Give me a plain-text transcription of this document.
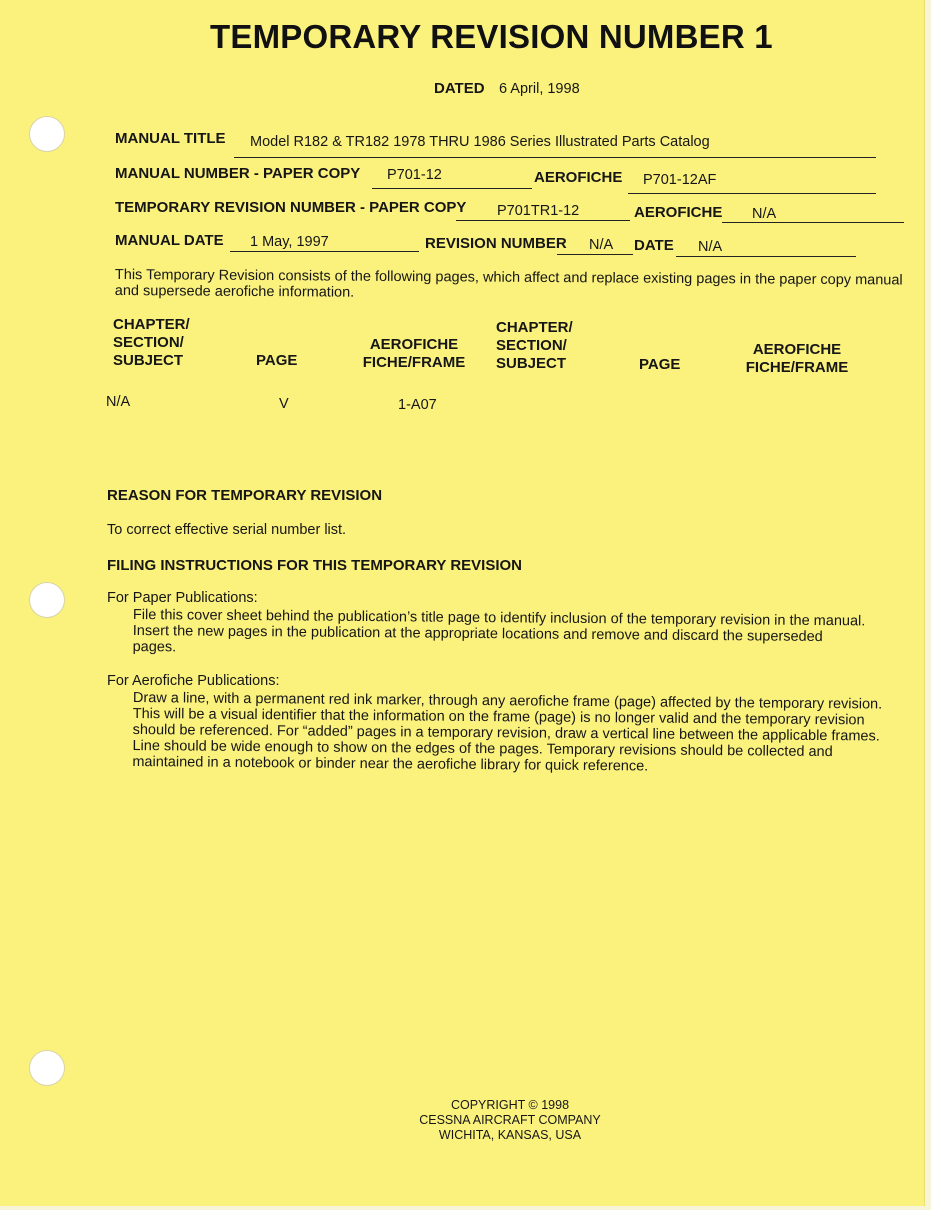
TEMPORARY REVISION NUMBER 1
DATED 6 April, 1998
MANUAL TITLE Model R182 & TR182 1978 THRU 1986 Series Illustrated Parts Catalog
MANUAL NUMBER - PAPER COPY P701-12	AEROFICHE P701-12AF
TEMPORARY REVISION NUMBER - PAPER COPY P701TR1-12	AEROFICHE N/A
MANUAL DATE 1 May, 1997	REVISION NUMBER N/A DATE N/A
This Temporary Revision consists of the following pages, which affect and replace existing pages in the paper copy manual and supersede aerofiche information.
CHAPTER/
SECTION/
SUBJECT	PAGE
AEROFICHE
FICHE/FRAME
CHAPTER/
SECTION/
SUBJECT	PAGE
AEROFICHE
FICHE/FRAME
N/A	V	1-A07
REASON FOR TEMPORARY REVISION
To correct effective serial number list.
FILING INSTRUCTIONS FOR THIS TEMPORARY REVISION
For Paper Publications:
File this cover sheet behind the publication’s title page to identify inclusion of the temporary revision in the manual. Insert the new pages in the publication at the appropriate locations and remove and discard the superseded pages.
For Aerofiche Publications:
Draw a line, with a permanent red ink marker, through any aerofiche frame (page) affected by the temporary revision. This will be a visual identifier that the information on the frame (page) is no longer valid and the temporary revision should be referenced. For “added” pages in a temporary revision, draw a vertical line between the applicable frames. Line should be wide enough to show on the edges of the pages. Temporary revisions should be collected and maintained in a notebook or binder near the aerofiche library for quick reference.
COPYRIGHT © 1998
CESSNA AIRCRAFT COMPANY
WICHITA, KANSAS, USA
